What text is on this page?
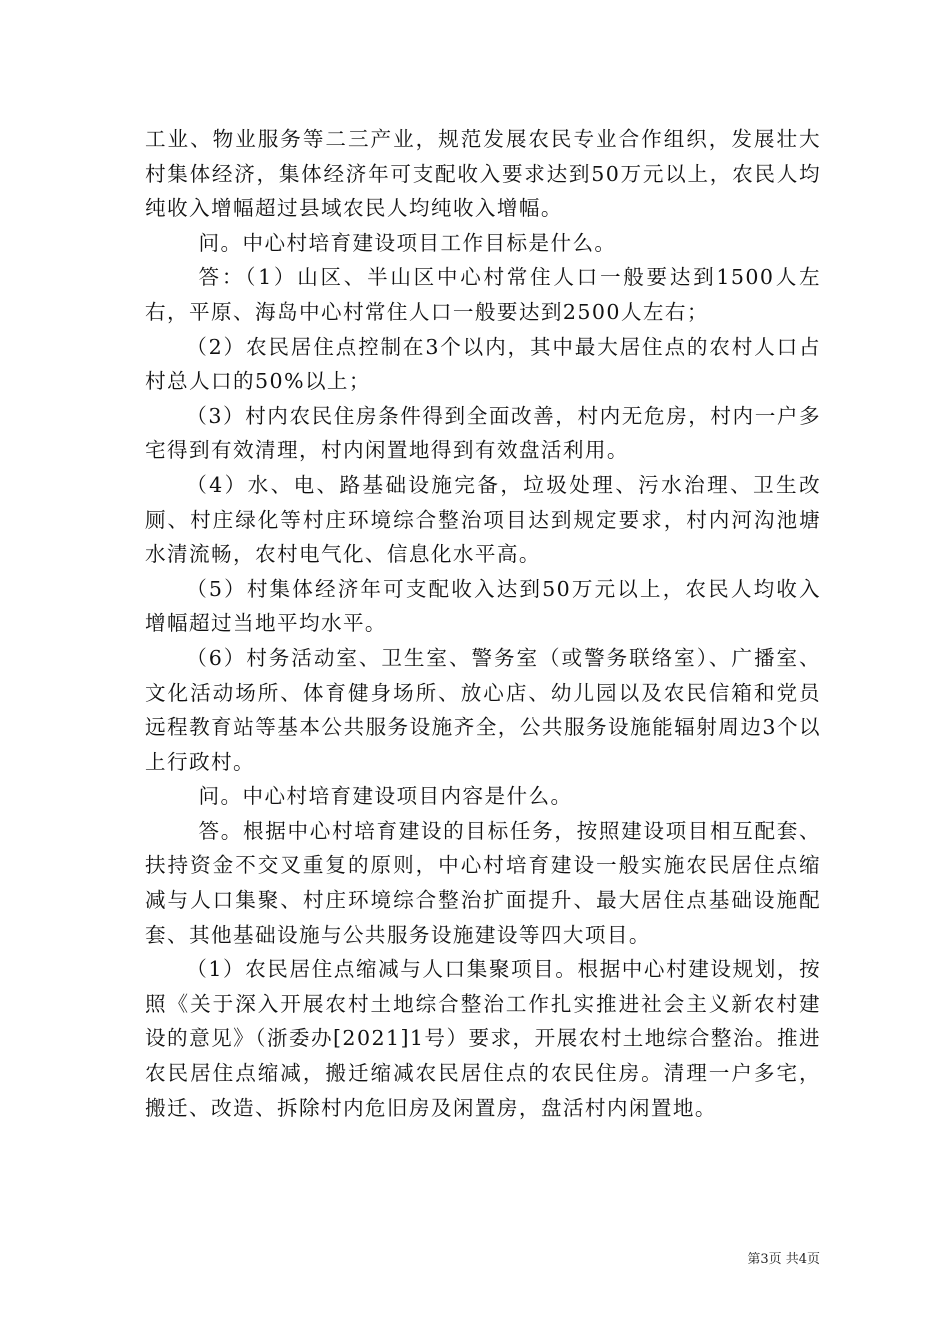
工业、物业服务等二三产业，规范发展农民专业合作组织，发展壮大村集体经济，集体经济年可支配收入要求达到50万元以上，农民人均纯收入增幅超过县域农民人均纯收入增幅。

问。中心村培育建设项目工作目标是什么。

答：（1）山区、半山区中心村常住人口一般要达到1500人左右，平原、海岛中心村常住人口一般要达到2500人左右；

（2）农民居住点控制在3个以内，其中最大居住点的农村人口占村总人口的50%以上；

（3）村内农民住房条件得到全面改善，村内无危房，村内一户多宅得到有效清理，村内闲置地得到有效盘活利用。

（4）水、电、路基础设施完备，垃圾处理、污水治理、卫生改厕、村庄绿化等村庄环境综合整治项目达到规定要求，村内河沟池塘水清流畅，农村电气化、信息化水平高。

（5）村集体经济年可支配收入达到50万元以上，农民人均收入增幅超过当地平均水平。

（6）村务活动室、卫生室、警务室（或警务联络室）、广播室、文化活动场所、体育健身场所、放心店、幼儿园以及农民信箱和党员远程教育站等基本公共服务设施齐全，公共服务设施能辐射周边3个以上行政村。

问。中心村培育建设项目内容是什么。

答。根据中心村培育建设的目标任务，按照建设项目相互配套、扶持资金不交叉重复的原则，中心村培育建设一般实施农民居住点缩减与人口集聚、村庄环境综合整治扩面提升、最大居住点基础设施配套、其他基础设施与公共服务设施建设等四大项目。

（1）农民居住点缩减与人口集聚项目。根据中心村建设规划，按照《关于深入开展农村土地综合整治工作扎实推进社会主义新农村建设的意见》（浙委办[2021]1号）要求，开展农村土地综合整治。推进农民居住点缩减，搬迁缩减农民居住点的农民住房。清理一户多宅，搬迁、改造、拆除村内危旧房及闲置房，盘活村内闲置地。

第3页 共4页
